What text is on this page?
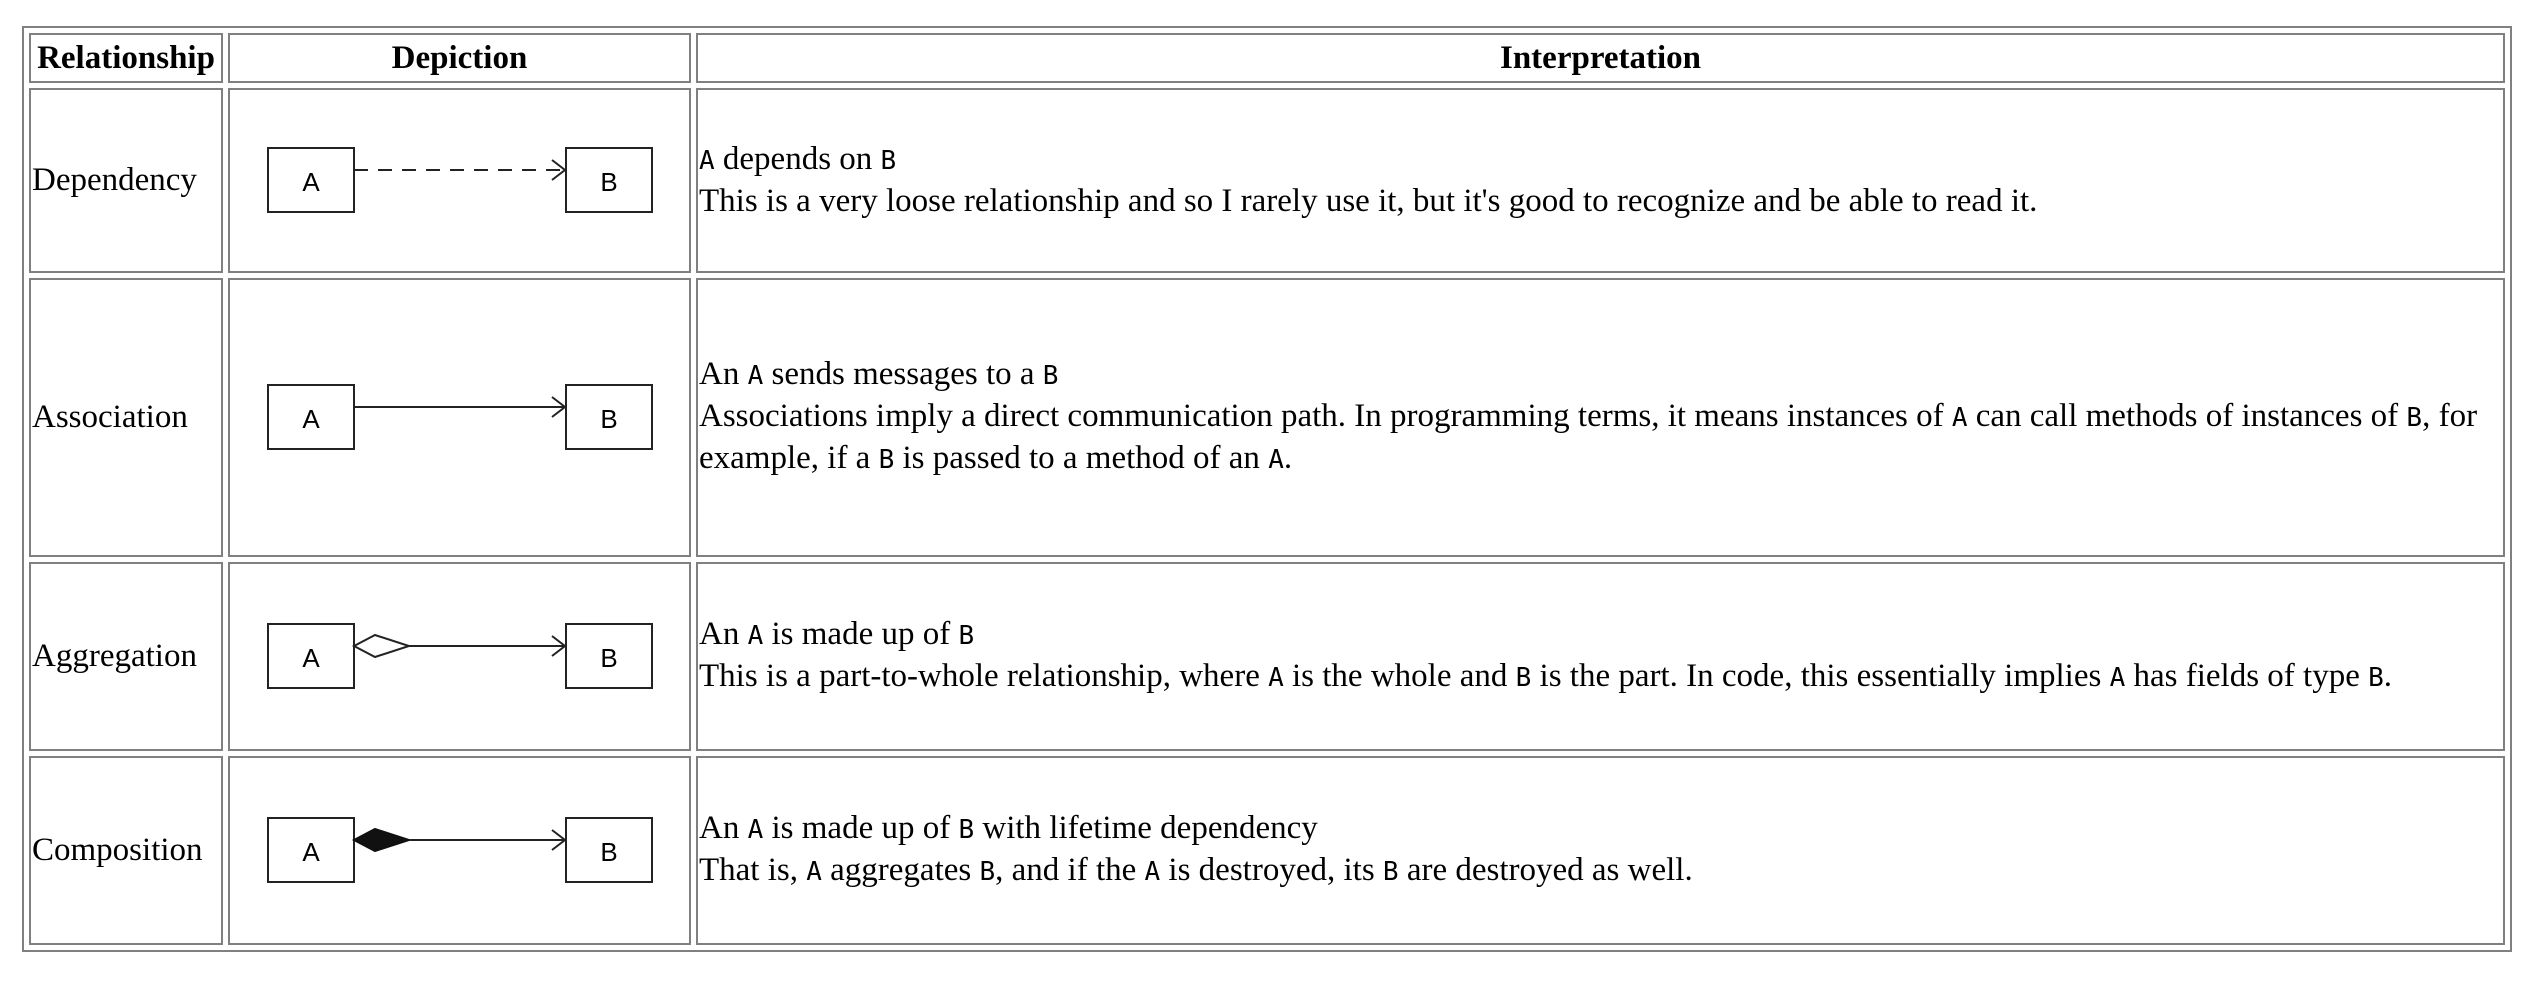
Relationship	Depiction	Interpretation
Dependency	A B	A depends on B
This is a very loose relationship and so I rarely use it, but it's good to recognize and be able to read it.

Association	A B	An A sends messages to a B
Associations imply a direct communication path. In programming terms, it means instances of A can call methods of instances of B, for example, if a B is passed to a method of an A.

Aggregation	A B	An A is made up of B
This is a part-to-whole relationship, where A is the whole and B is the part. In code, this essentially implies A has fields of type B.

Composition	A B	An A is made up of B with lifetime dependency
That is, A aggregates B, and if the A is destroyed, its B are destroyed as well.
